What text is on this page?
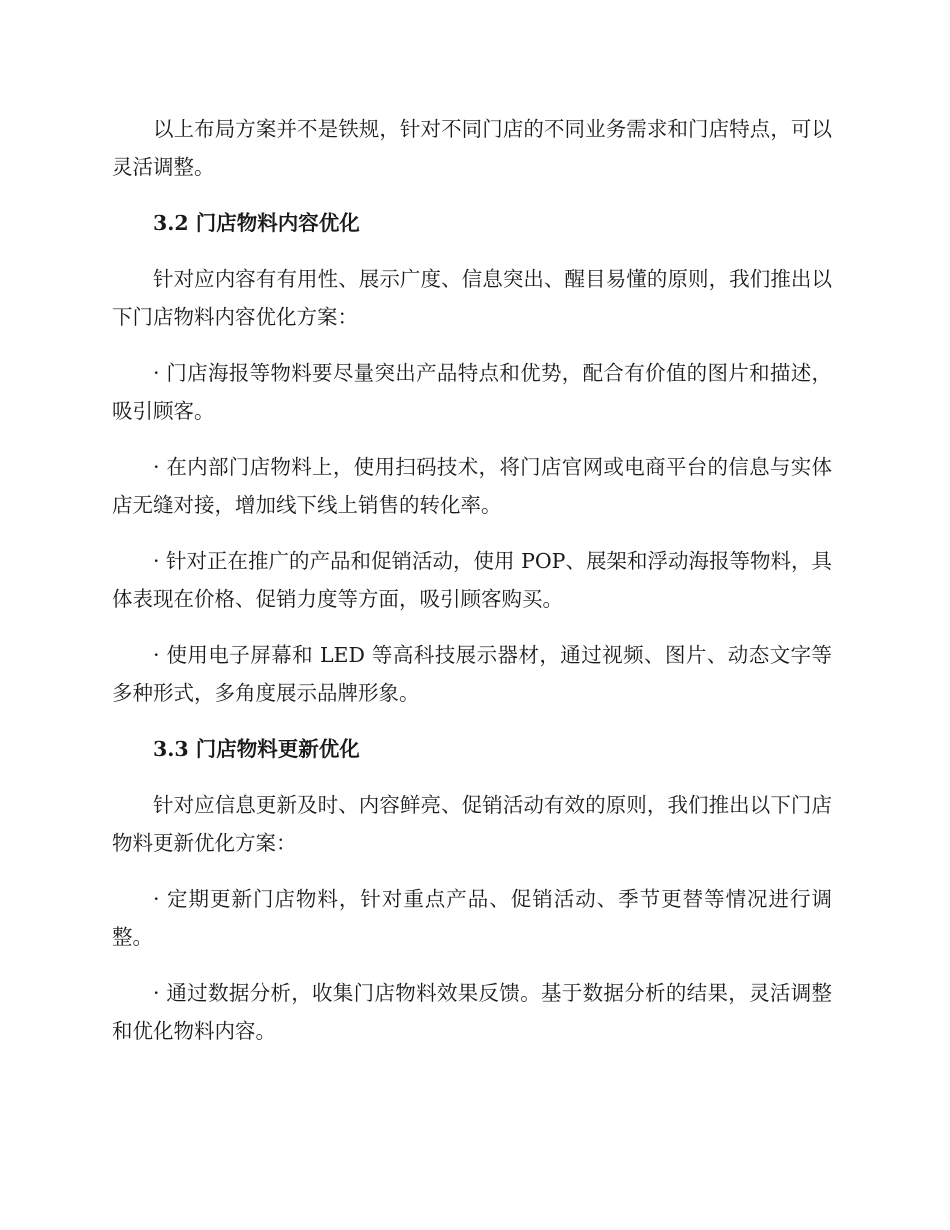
以上布局方案并不是铁规，针对不同门店的不同业务需求和门店特点，可以灵活调整。

3.2 门店物料内容优化

针对应内容有有用性、展示广度、信息突出、醒目易懂的原则，我们推出以下门店物料内容优化方案：

· 门店海报等物料要尽量突出产品特点和优势，配合有价值的图片和描述，吸引顾客。

· 在内部门店物料上，使用扫码技术，将门店官网或电商平台的信息与实体店无缝对接，增加线下线上销售的转化率。

· 针对正在推广的产品和促销活动，使用 POP、展架和浮动海报等物料，具体表现在价格、促销力度等方面，吸引顾客购买。

· 使用电子屏幕和 LED 等高科技展示器材，通过视频、图片、动态文字等多种形式，多角度展示品牌形象。

3.3 门店物料更新优化

针对应信息更新及时、内容鲜亮、促销活动有效的原则，我们推出以下门店物料更新优化方案：

· 定期更新门店物料，针对重点产品、促销活动、季节更替等情况进行调整。

· 通过数据分析，收集门店物料效果反馈。基于数据分析的结果，灵活调整和优化物料内容。
